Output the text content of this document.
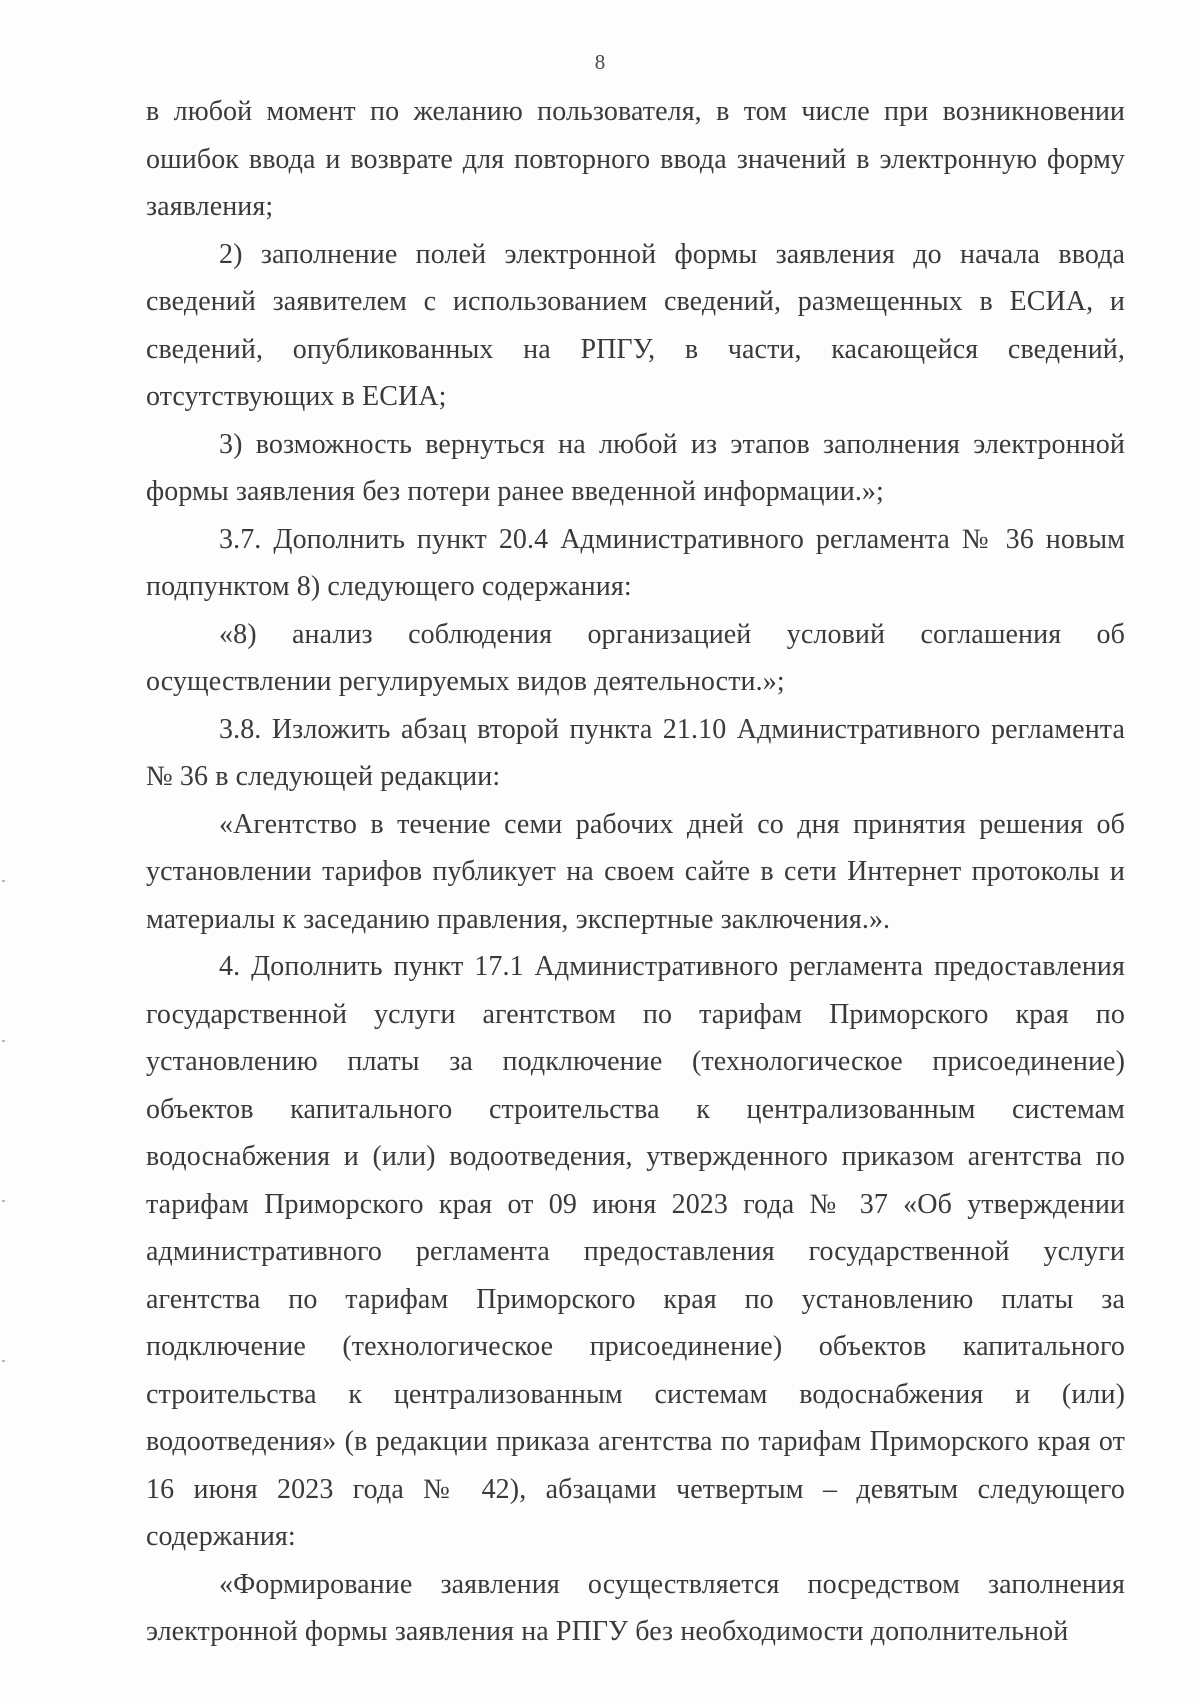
8

в любой момент по желанию пользователя, в том числе при возникновении ошибок ввода и возврате для повторного ввода значений в электронную форму заявления;

2) заполнение полей электронной формы заявления до начала ввода сведений заявителем с использованием сведений, размещенных в ЕСИА, и сведений, опубликованных на РПГУ, в части, касающейся сведений, отсутствующих в ЕСИА;

3) возможность вернуться на любой из этапов заполнения электронной формы заявления без потери ранее введенной информации.»;

3.7. Дополнить пункт 20.4 Административного регламента № 36 новым подпунктом 8) следующего содержания:

«8) анализ соблюдения организацией условий соглашения об осуществлении регулируемых видов деятельности.»;

3.8. Изложить абзац второй пункта 21.10 Административного регламента № 36 в следующей редакции:

«Агентство в течение семи рабочих дней со дня принятия решения об установлении тарифов публикует на своем сайте в сети Интернет протоколы и материалы к заседанию правления, экспертные заключения.».

4. Дополнить пункт 17.1 Административного регламента предоставления государственной услуги агентством по тарифам Приморского края по установлению платы за подключение (технологическое присоединение) объектов капитального строительства к централизованным системам водоснабжения и (или) водоотведения, утвержденного приказом агентства по тарифам Приморского края от 09 июня 2023 года № 37 «Об утверждении административного регламента предоставления государственной услуги агентства по тарифам Приморского края по установлению платы за подключение (технологическое присоединение) объектов капитального строительства к централизованным системам водоснабжения и (или) водоотведения» (в редакции приказа агентства по тарифам Приморского края от 16 июня 2023 года № 42), абзацами четвертым – девятым следующего содержания:

«Формирование заявления осуществляется посредством заполнения электронной формы заявления на РПГУ без необходимости дополнительной
